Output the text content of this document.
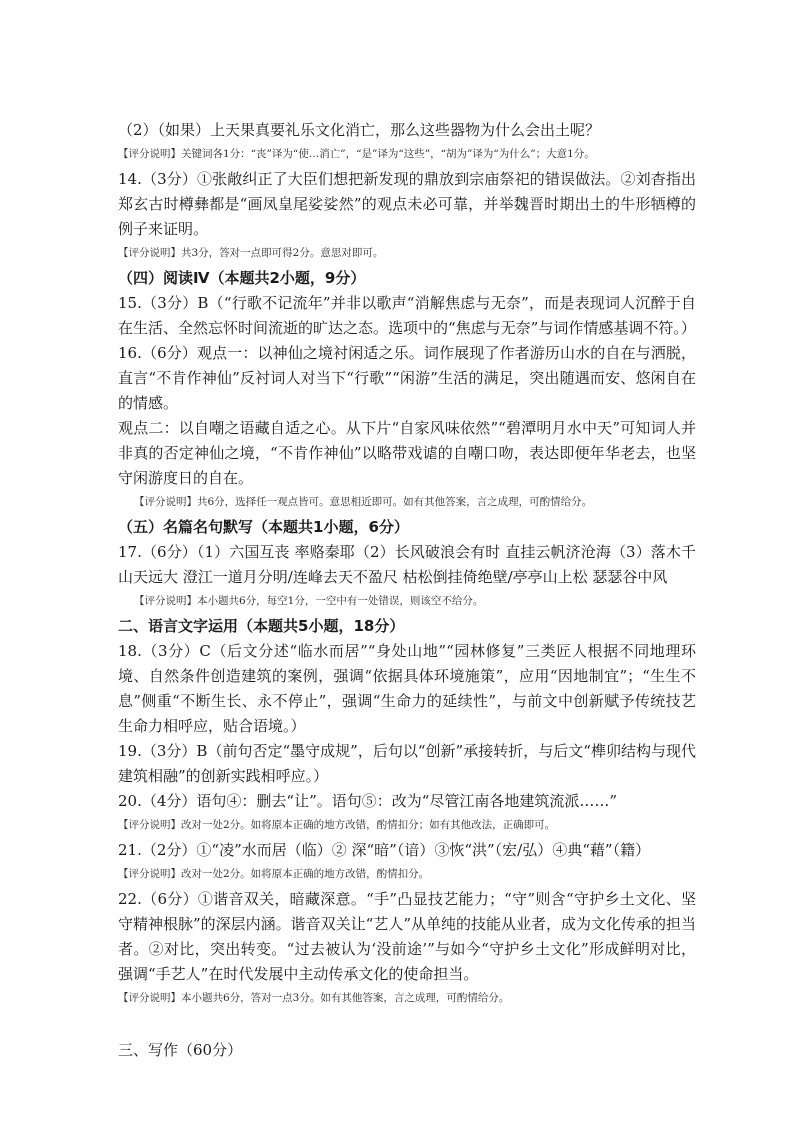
（2）（如果）上天果真要礼乐文化消亡，那么这些器物为什么会出土呢？

【评分说明】关键词各1分：“丧”译为“使…消亡”，“是”译为“这些”，“胡为”译为“为什么”；大意1分。

14.（3分）①张敞纠正了大臣们想把新发现的鼎放到宗庙祭祀的错误做法。②刘杳指出郑玄古时樽彝都是“画凤皇尾娑娑然”的观点未必可靠，并举魏晋时期出土的牛形牺樽的例子来证明。

【评分说明】共3分，答对一点即可得2分。意思对即可。

（四）阅读Ⅳ（本题共2小题，9分）

15.（3分）B（“行歌不记流年”并非以歌声“消解焦虑与无奈”，而是表现词人沉醉于自在生活、全然忘怀时间流逝的旷达之态。选项中的“焦虑与无奈”与词作情感基调不符。）

16.（6分）观点一：以神仙之境衬闲适之乐。词作展现了作者游历山水的自在与洒脱，直言“不肯作神仙”反衬词人对当下“行歌”“闲游”生活的满足，突出随遇而安、悠闲自在的情感。

观点二：以自嘲之语藏自适之心。从下片“自家风味依然”“碧潭明月水中天”可知词人并非真的否定神仙之境，“不肯作神仙”以略带戏谑的自嘲口吻，表达即便年华老去，也坚守闲游度日的自在。

【评分说明】共6分，选择任一观点皆可。意思相近即可。如有其他答案，言之成理，可酌情给分。

（五）名篇名句默写（本题共1小题，6分）

17.（6分）（1）六国互丧 率赂秦耶（2）长风破浪会有时 直挂云帆济沧海（3）落木千山天远大 澄江一道月分明/连峰去天不盈尺 枯松倒挂倚绝壁/亭亭山上松 瑟瑟谷中风

【评分说明】本小题共6分，每空1分，一空中有一处错误，则该空不给分。

二、语言文字运用（本题共5小题，18分）

18.（3分）C（后文分述“临水而居”“身处山地”“园林修复”三类匠人根据不同地理环境、自然条件创造建筑的案例，强调“依据具体环境施策”，应用“因地制宜”；“生生不息”侧重“不断生长、永不停止”，强调“生命力的延续性”，与前文中创新赋予传统技艺生命力相呼应，贴合语境。）

19.（3分）B（前句否定“墨守成规”，后句以“创新”承接转折，与后文“榫卯结构与现代建筑相融”的创新实践相呼应。）

20.（4分）语句④：删去“让”。语句⑤：改为“尽管江南各地建筑流派……”

【评分说明】改对一处2分。如将原本正确的地方改错，酌情扣分；如有其他改法，正确即可。

21.（2分）①“凌”水而居（临）② 深“暗”（谙）③恢“洪”（宏/弘）④典“藉”（籍）

【评分说明】改对一处2分。如将原本正确的地方改错，酌情扣分。

22.（6分）①谐音双关，暗藏深意。“手”凸显技艺能力；“守”则含“守护乡土文化、坚守精神根脉”的深层内涵。谐音双关让“艺人”从单纯的技能从业者，成为文化传承的担当者。②对比，突出转变。“过去被认为‘没前途’”与如今“守护乡土文化”形成鲜明对比，强调“手艺人”在时代发展中主动传承文化的使命担当。

【评分说明】本小题共6分，答对一点3分。如有其他答案，言之成理，可酌情给分。

三、写作（60分）
